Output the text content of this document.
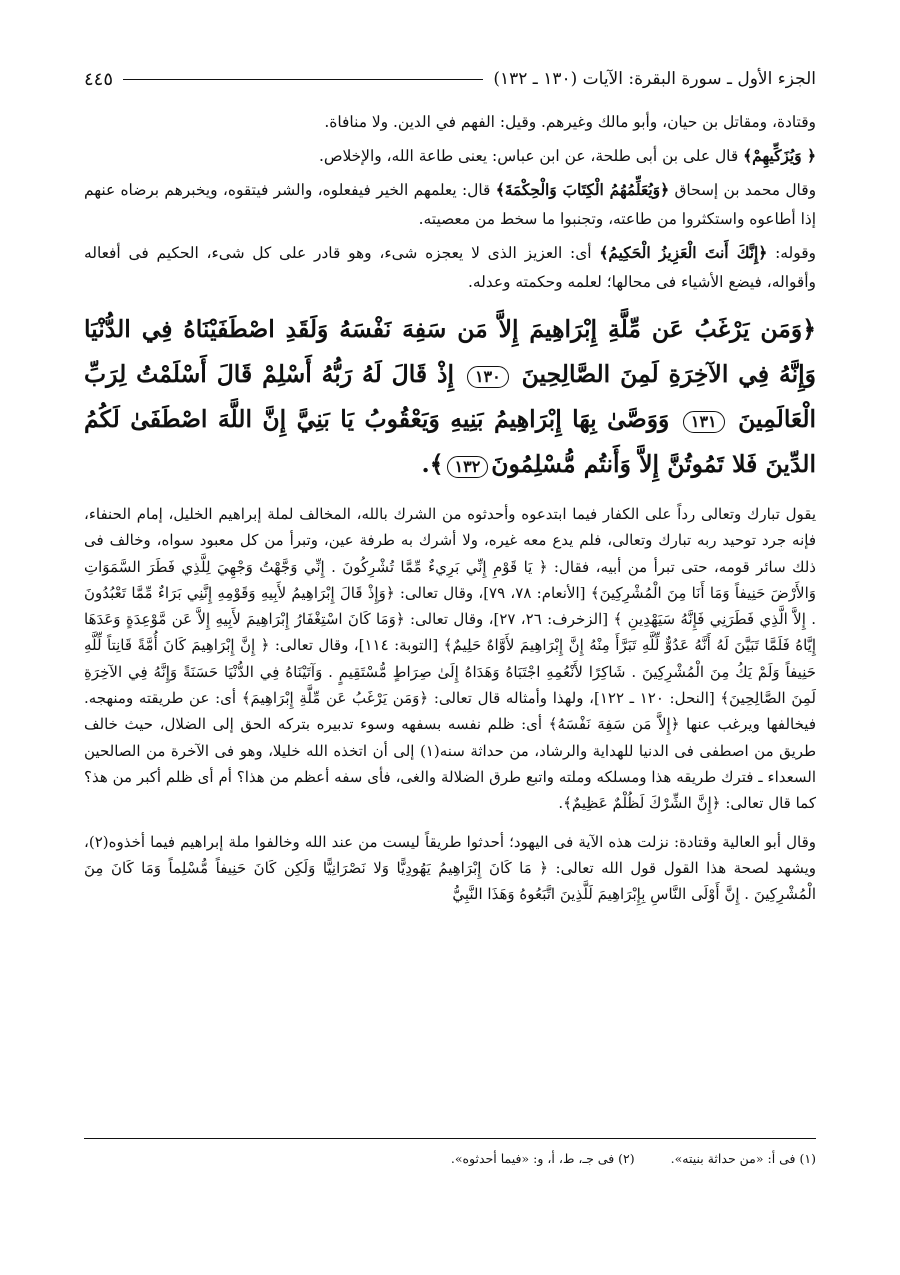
الجزء الأول ـ سورة البقرة: الآيات (١٣٠ ـ ١٣٢)
٤٤٥

وقتادة، ومقاتل بن حيان، وأبو مالك وغيرهم. وقيل: الفهم في الدين. ولا منافاة.

﴿ وَيُزَكِّيهِمْ﴾ قال على بن أبى طلحة، عن ابن عباس: يعنى طاعة الله، والإخلاص.

وقال محمد بن إسحاق ﴿وَيُعَلِّمُهُمُ الْكِتَابَ وَالْحِكْمَةَ﴾ قال: يعلمهم الخير فيفعلوه، والشر فيتقوه، ويخبرهم برضاه عنهم إذا أطاعوه واستكثروا من طاعته، وتجنبوا ما سخط من معصيته.

وقوله: ﴿إِنَّكَ أَنتَ الْعَزِيزُ الْحَكِيمُ﴾ أى: العزيز الذى لا يعجزه شىء، وهو قادر على كل شىء، الحكيم فى أفعاله وأقواله، فيضع الأشياء فى محالها؛ لعلمه وحكمته وعدله.

﴿وَمَن يَرْغَبُ عَن مِّلَّةِ إِبْرَاهِيمَ إِلاَّ مَن سَفِهَ نَفْسَهُ وَلَقَدِ اصْطَفَيْنَاهُ فِي الدُّنْيَا وَإِنَّهُ فِي الآخِرَةِ لَمِنَ الصَّالِحِينَ ١٣٠ إِذْ قَالَ لَهُ رَبُّهُ أَسْلِمْ قَالَ أَسْلَمْتُ لِرَبِّ الْعَالَمِينَ ١٣١ وَوَصَّىٰ بِهَا إِبْرَاهِيمُ بَنِيهِ وَيَعْقُوبُ يَا بَنِيَّ إِنَّ اللَّهَ اصْطَفَىٰ لَكُمُ الدِّينَ فَلا تَمُوتُنَّ إِلاَّ وَأَنتُم مُّسْلِمُونَ١٣٢﴾.

يقول تبارك وتعالى رداً على الكفار فيما ابتدعوه وأحدثوه من الشرك بالله، المخالف لملة إبراهيم الخليل، إمام الحنفاء، فإنه جرد توحيد ربه تبارك وتعالى، فلم يدع معه غيره، ولا أشرك به طرفة عين، وتبرأ من كل معبود سواه، وخالف فى ذلك سائر قومه، حتى تبرأ من أبيه، فقال: ﴿ يَا قَوْمِ إِنِّي بَرِيءٌ مِّمَّا تُشْرِكُونَ . إِنِّي وَجَّهْتُ وَجْهِيَ لِلَّذِي فَطَرَ السَّمَوَاتِ وَالأَرْضَ حَنِيفاً وَمَا أَنَا مِنَ الْمُشْرِكِينَ﴾ [الأنعام: ٧٨، ٧٩]، وقال تعالى: ﴿وَإِذْ قَالَ إِبْرَاهِيمُ لأَبِيهِ وَقَوْمِهِ إِنَّنِي بَرَاءٌ مِّمَّا تَعْبُدُونَ . إِلاَّ الَّذِي فَطَرَنِي فَإِنَّهُ سَيَهْدِينِ ﴾ [الزخرف: ٢٦، ٢٧]، وقال تعالى: ﴿وَمَا كَانَ اسْتِغْفَارُ إِبْرَاهِيمَ لأَبِيهِ إِلاَّ عَن مَّوْعِدَةٍ وَعَدَهَا إِيَّاهُ فَلَمَّا تَبَيَّنَ لَهُ أَنَّهُ عَدُوٌّ لِّلَّهِ تَبَرَّأَ مِنْهُ إِنَّ إِبْرَاهِيمَ لأَوَّاهٌ حَلِيمٌ﴾ [التوبة: ١١٤]، وقال تعالى: ﴿ إِنَّ إِبْرَاهِيمَ كَانَ أُمَّةً قَانِتاً لِّلَّهِ حَنِيفاً وَلَمْ يَكُ مِنَ الْمُشْرِكِينَ . شَاكِرًا لأَنْعُمِهِ اجْتَبَاهُ وَهَدَاهُ إِلَىٰ صِرَاطٍ مُّسْتَقِيمٍ . وَآتَيْنَاهُ فِي الدُّنْيَا حَسَنَةً وَإِنَّهُ فِي الآخِرَةِ لَمِنَ الصَّالِحِينَ﴾ [النحل: ١٢٠ ـ ١٢٢]، ولهذا وأمثاله قال تعالى: ﴿وَمَن يَرْغَبُ عَن مِّلَّةِ إِبْرَاهِيمَ﴾ أى: عن طريقته ومنهجه. فيخالفها ويرغب عنها ﴿إِلاَّ مَن سَفِهَ نَفْسَهُ﴾ أى: ظلم نفسه بسفهه وسوء تدبيره بتركه الحق إلى الضلال، حيث خالف طريق من اصطفى فى الدنيا للهداية والرشاد، من حداثة سنه(١) إلى أن اتخذه الله خليلا، وهو فى الآخرة من الصالحين السعداء ـ فترك طريقه هذا ومسلكه وملته واتبع طرق الضلالة والغى، فأى سفه أعظم من هذا؟ أم أى ظلم أكبر من هذ؟ كما قال تعالى: ﴿إِنَّ الشِّرْكَ لَظُلْمٌ عَظِيمٌ﴾.

وقال أبو العالية وقتادة: نزلت هذه الآية فى اليهود؛ أحدثوا طريقاً ليست من عند الله وخالفوا ملة إبراهيم فيما أخذوه(٢)، ويشهد لصحة هذا القول قول الله تعالى: ﴿ مَا كَانَ إِبْرَاهِيمُ يَهُودِيًّا وَلا نَصْرَانِيًّا وَلَكِن كَانَ حَنِيفاً مُّسْلِماً وَمَا كَانَ مِنَ الْمُشْرِكِينَ . إِنَّ أَوْلَى النَّاسِ بِإِبْرَاهِيمَ لَلَّذِينَ اتَّبَعُوهُ وَهَذَا النَّبِيُّ

(١) فى أ: «من حداثة بنيته».
(٢) فى جـ، ط، أ، و: «فيما أحدثوه».
